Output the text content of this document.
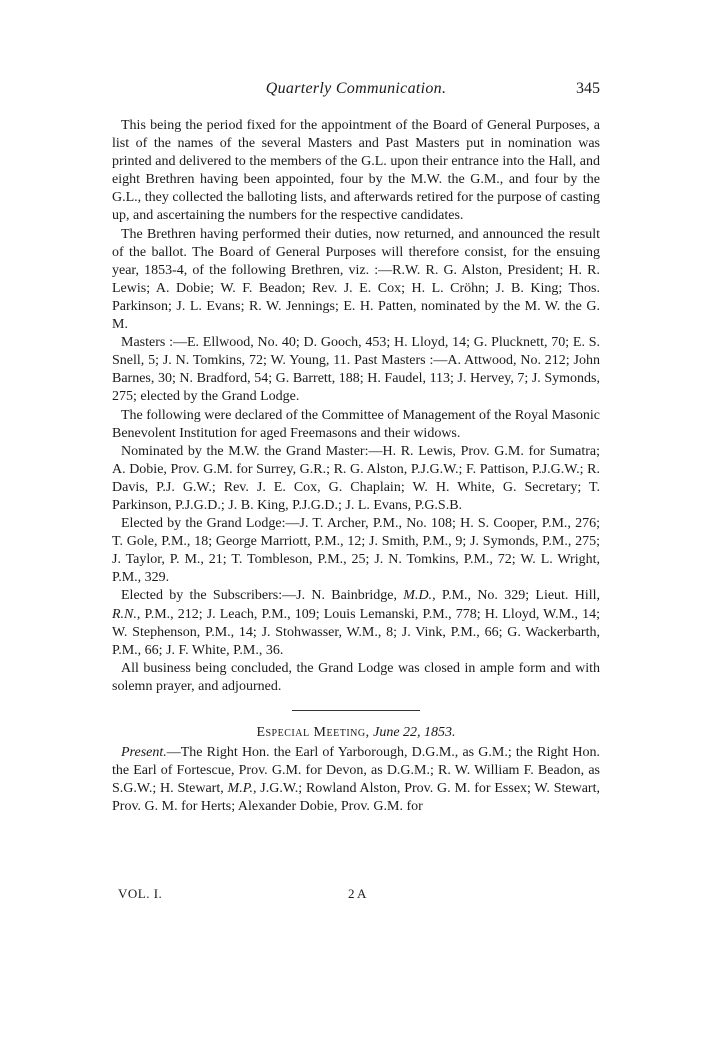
Quarterly Communication.	345

This being the period fixed for the appointment of the Board of General Purposes, a list of the names of the several Masters and Past Masters put in nomination was printed and delivered to the members of the G.L. upon their entrance into the Hall, and eight Brethren having been appointed, four by the M.W. the G.M., and four by the G.L., they collected the balloting lists, and afterwards retired for the purpose of casting up, and ascertaining the numbers for the respective candidates.

The Brethren having performed their duties, now returned, and announced the result of the ballot. The Board of General Purposes will therefore consist, for the ensuing year, 1853-4, of the following Brethren, viz. :—R.W. R. G. Alston, President; H. R. Lewis; A. Dobie; W. F. Beadon; Rev. J. E. Cox; H. L. Cröhn; J. B. King; Thos. Parkinson; J. L. Evans; R. W. Jennings; E. H. Patten, nominated by the M. W. the G. M.

Masters :—E. Ellwood, No. 40; D. Gooch, 453; H. Lloyd, 14; G. Plucknett, 70; E. S. Snell, 5; J. N. Tomkins, 72; W. Young, 11. Past Masters :—A. Attwood, No. 212; John Barnes, 30; N. Bradford, 54; G. Barrett, 188; H. Faudel, 113; J. Hervey, 7; J. Symonds, 275; elected by the Grand Lodge.

The following were declared of the Committee of Management of the Royal Masonic Benevolent Institution for aged Freemasons and their widows.

Nominated by the M.W. the Grand Master:—H. R. Lewis, Prov. G.M. for Sumatra; A. Dobie, Prov. G.M. for Surrey, G.R.; R. G. Alston, P.J.G.W.; F. Pattison, P.J.G.W.; R. Davis, P.J. G.W.; Rev. J. E. Cox, G. Chaplain; W. H. White, G. Secretary; T. Parkinson, P.J.G.D.; J. B. King, P.J.G.D.; J. L. Evans, P.G.S.B.

Elected by the Grand Lodge:—J. T. Archer, P.M., No. 108; H. S. Cooper, P.M., 276; T. Gole, P.M., 18; George Marriott, P.M., 12; J. Smith, P.M., 9; J. Symonds, P.M., 275; J. Taylor, P. M., 21; T. Tombleson, P.M., 25; J. N. Tomkins, P.M., 72; W. L. Wright, P.M., 329.

Elected by the Subscribers:—J. N. Bainbridge, M.D., P.M., No. 329; Lieut. Hill, R.N., P.M., 212; J. Leach, P.M., 109; Louis Lemanski, P.M., 778; H. Lloyd, W.M., 14; W. Stephenson, P.M., 14; J. Stohwasser, W.M., 8; J. Vink, P.M., 66; G. Wackerbarth, P.M., 66; J. F. White, P.M., 36.

All business being concluded, the Grand Lodge was closed in ample form and with solemn prayer, and adjourned.

Especial Meeting, June 22, 1853.

Present.—The Right Hon. the Earl of Yarborough, D.G.M., as G.M.; the Right Hon. the Earl of Fortescue, Prov. G.M. for Devon, as D.G.M.; R. W. William F. Beadon, as S.G.W.; H. Stewart, M.P., J.G.W.; Rowland Alston, Prov. G. M. for Essex; W. Stewart, Prov. G. M. for Herts; Alexander Dobie, Prov. G.M. for

VOL. I.	2 A
